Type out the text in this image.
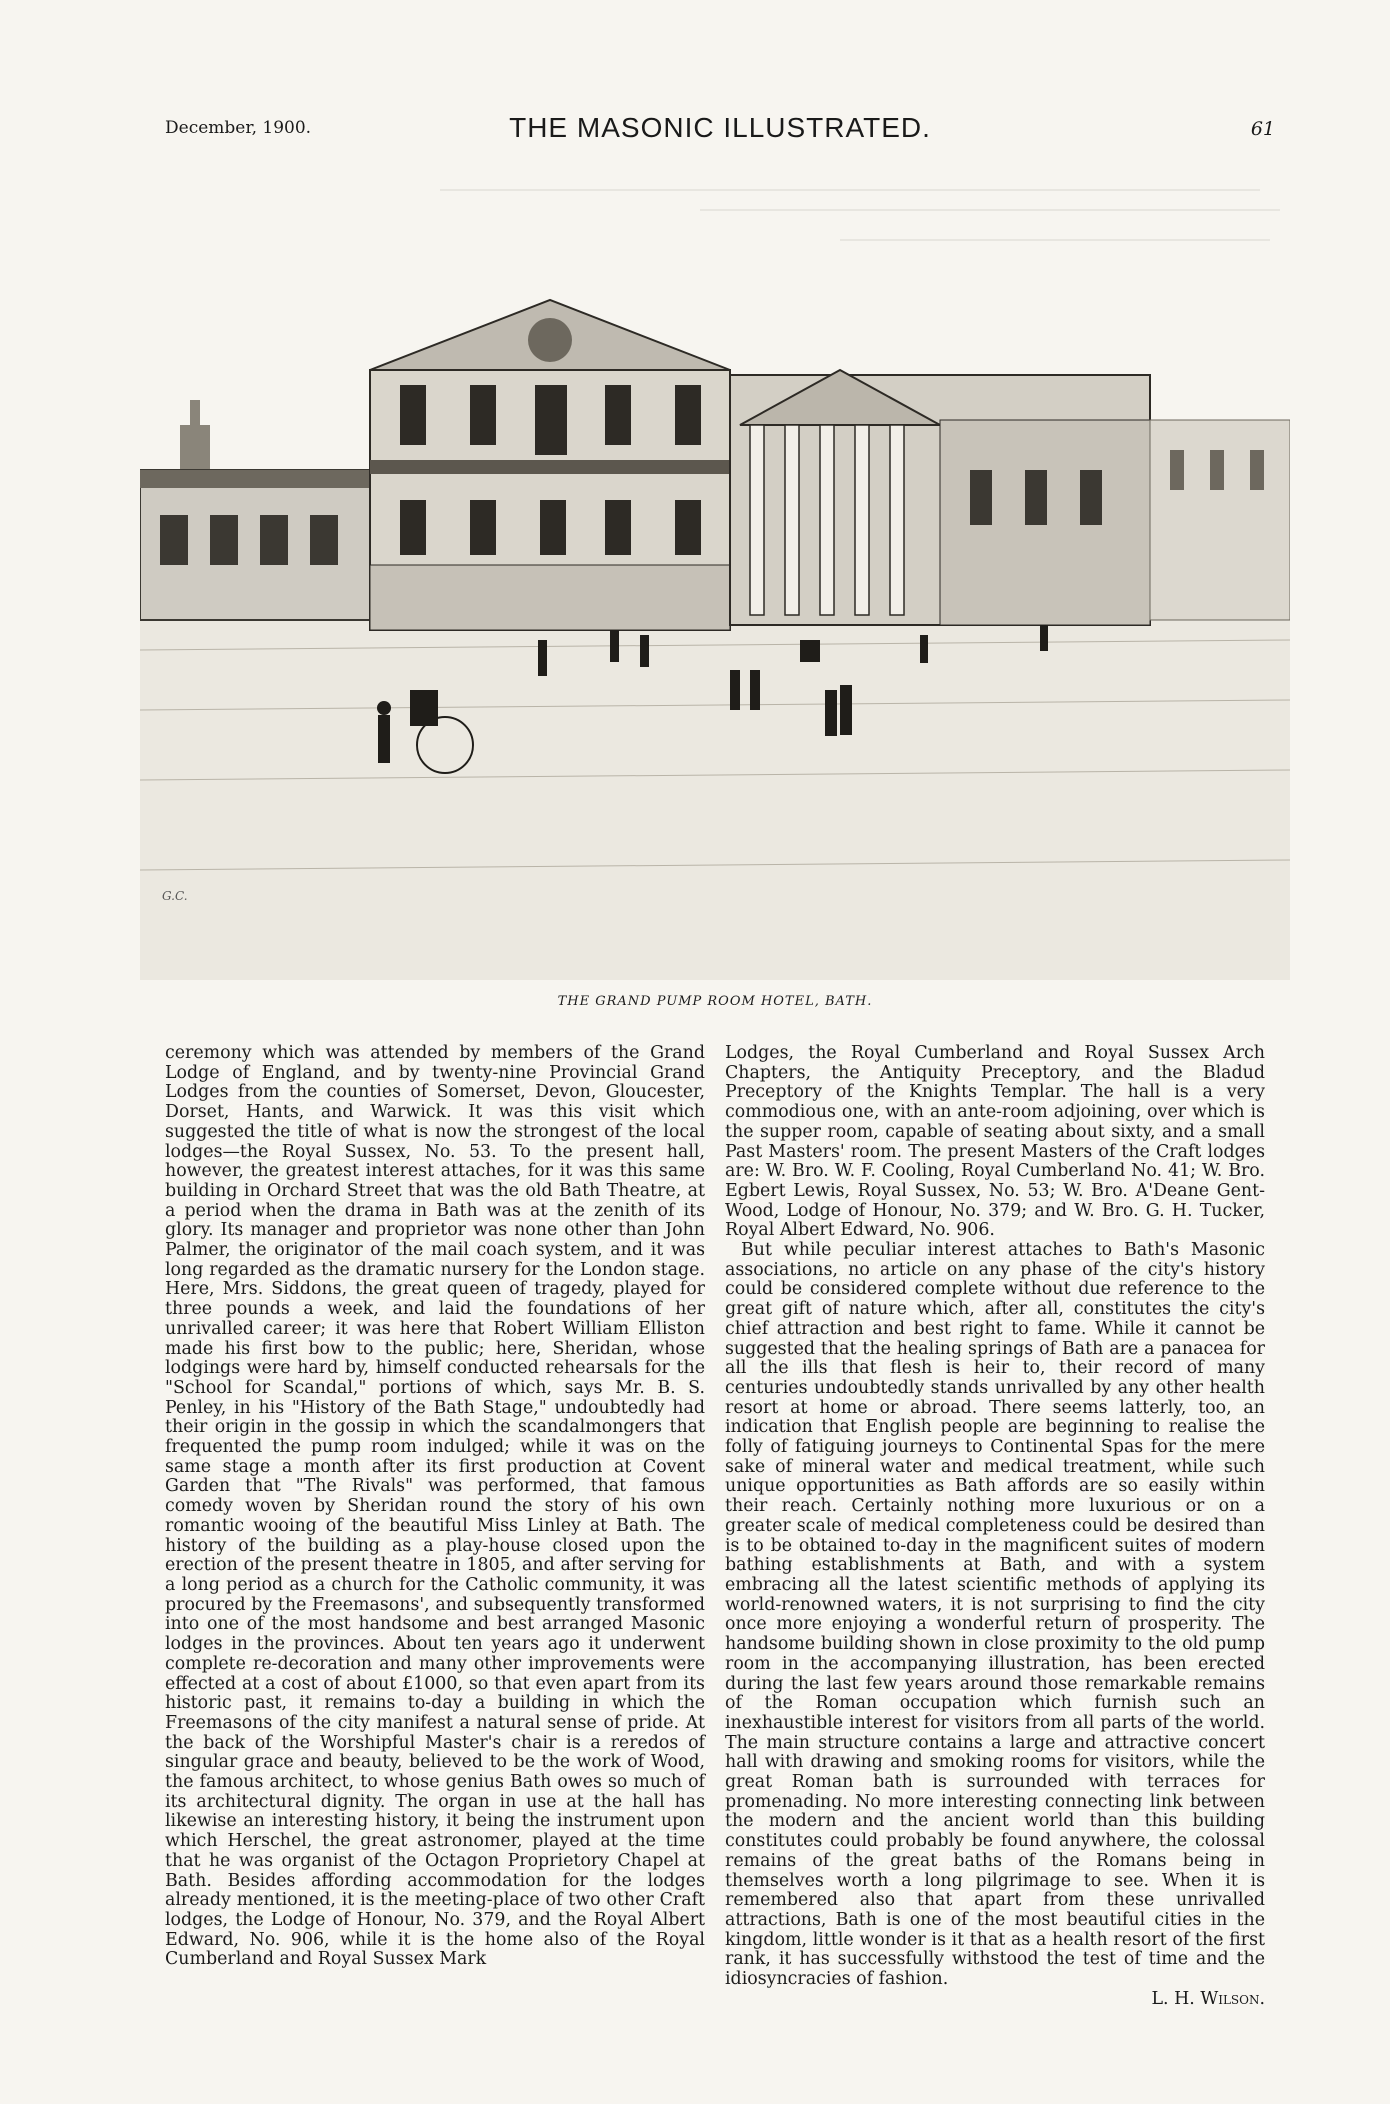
December, 1900.	THE MASONIC ILLUSTRATED.	61
G.C.
THE GRAND PUMP ROOM HOTEL, BATH.

ceremony which was attended by members of the Grand Lodge of England, and by twenty-nine Provincial Grand Lodges from the counties of Somerset, Devon, Gloucester, Dorset, Hants, and Warwick. It was this visit which suggested the title of what is now the strongest of the local lodges—the Royal Sussex, No. 53. To the present hall, however, the greatest interest attaches, for it was this same building in Orchard Street that was the old Bath Theatre, at a period when the drama in Bath was at the zenith of its glory. Its manager and proprietor was none other than John Palmer, the originator of the mail coach system, and it was long regarded as the dramatic nursery for the London stage. Here, Mrs. Siddons, the great queen of tragedy, played for three pounds a week, and laid the foundations of her unrivalled career; it was here that Robert William Elliston made his first bow to the public; here, Sheridan, whose lodgings were hard by, himself conducted rehearsals for the "School for Scandal," portions of which, says Mr. B. S. Penley, in his "History of the Bath Stage," undoubtedly had their origin in the gossip in which the scandalmongers that frequented the pump room indulged; while it was on the same stage a month after its first production at Covent Garden that "The Rivals" was performed, that famous comedy woven by Sheridan round the story of his own romantic wooing of the beautiful Miss Linley at Bath. The history of the building as a play-house closed upon the erection of the present theatre in 1805, and after serving for a long period as a church for the Catholic community, it was procured by the Freemasons', and subsequently transformed into one of the most handsome and best arranged Masonic lodges in the provinces. About ten years ago it underwent complete re-decoration and many other improvements were effected at a cost of about £1000, so that even apart from its historic past, it remains to-day a building in which the Freemasons of the city manifest a natural sense of pride. At the back of the Worshipful Master's chair is a reredos of singular grace and beauty, believed to be the work of Wood, the famous architect, to whose genius Bath owes so much of its architectural dignity. The organ in use at the hall has likewise an interesting history, it being the instrument upon which Herschel, the great astronomer, played at the time that he was organist of the Octagon Proprietory Chapel at Bath. Besides affording accommodation for the lodges already mentioned, it is the meeting-place of two other Craft lodges, the Lodge of Honour, No. 379, and the Royal Albert Edward, No. 906, while it is the home also of the Royal Cumberland and Royal Sussex Mark

Lodges, the Royal Cumberland and Royal Sussex Arch Chapters, the Antiquity Preceptory, and the Bladud Preceptory of the Knights Templar. The hall is a very commodious one, with an ante-room adjoining, over which is the supper room, capable of seating about sixty, and a small Past Masters' room. The present Masters of the Craft lodges are: W. Bro. W. F. Cooling, Royal Cumberland No. 41; W. Bro. Egbert Lewis, Royal Sussex, No. 53; W. Bro. A'Deane Gent-Wood, Lodge of Honour, No. 379; and W. Bro. G. H. Tucker, Royal Albert Edward, No. 906.

But while peculiar interest attaches to Bath's Masonic associations, no article on any phase of the city's history could be considered complete without due reference to the great gift of nature which, after all, constitutes the city's chief attraction and best right to fame. While it cannot be suggested that the healing springs of Bath are a panacea for all the ills that flesh is heir to, their record of many centuries undoubtedly stands unrivalled by any other health resort at home or abroad. There seems latterly, too, an indication that English people are beginning to realise the folly of fatiguing journeys to Continental Spas for the mere sake of mineral water and medical treatment, while such unique opportunities as Bath affords are so easily within their reach. Certainly nothing more luxurious or on a greater scale of medical completeness could be desired than is to be obtained to-day in the magnificent suites of modern bathing establishments at Bath, and with a system embracing all the latest scientific methods of applying its world-renowned waters, it is not surprising to find the city once more enjoying a wonderful return of prosperity. The handsome building shown in close proximity to the old pump room in the accompanying illustration, has been erected during the last few years around those remarkable remains of the Roman occupation which furnish such an inexhaustible interest for visitors from all parts of the world. The main structure contains a large and attractive concert hall with drawing and smoking rooms for visitors, while the great Roman bath is surrounded with terraces for promenading. No more interesting connecting link between the modern and the ancient world than this building constitutes could probably be found anywhere, the colossal remains of the great baths of the Romans being in themselves worth a long pilgrimage to see. When it is remembered also that apart from these unrivalled attractions, Bath is one of the most beautiful cities in the kingdom, little wonder is it that as a health resort of the first rank, it has successfully withstood the test of time and the idiosyncracies of fashion.

L. H. Wilson.
